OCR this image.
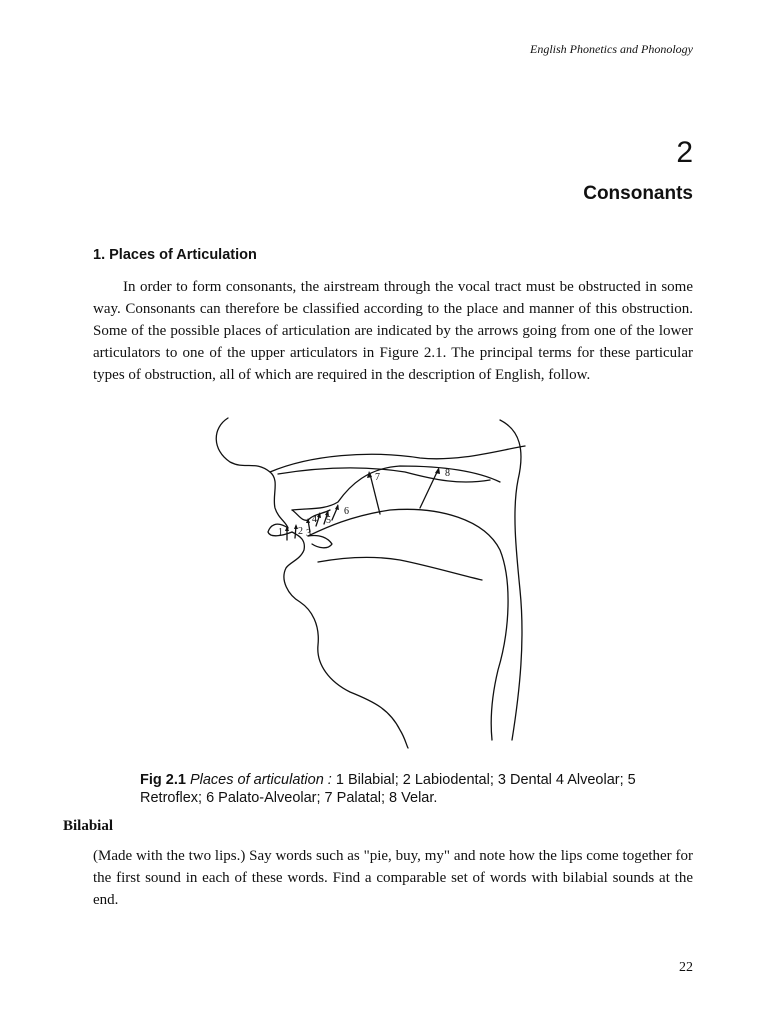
English Phonetics and Phonology
2
Consonants
1. Places of Articulation

In order to form consonants, the airstream through the vocal tract must be obstructed in some way. Consonants can therefore be classified according to the place and manner of this obstruction. Some of the possible places of articulation are indicated by the arrows going from one of the lower articulators to one of the upper articulators in Figure 2.1. The principal terms for these particular types of obstruction, all of which are required in the description of English, follow.

1 2 3
4 5
6
7	8
Fig 2.1 Places of articulation : 1 Bilabial; 2 Labiodental; 3 Dental 4 Alveolar; 5 Retroflex; 6 Palato-Alveolar; 7 Palatal; 8 Velar.
Bilabial

(Made with the two lips.) Say words such as "pie, buy, my" and note how the lips come together for the first sound in each of these words. Find a comparable set of words with bilabial sounds at the end.

22
